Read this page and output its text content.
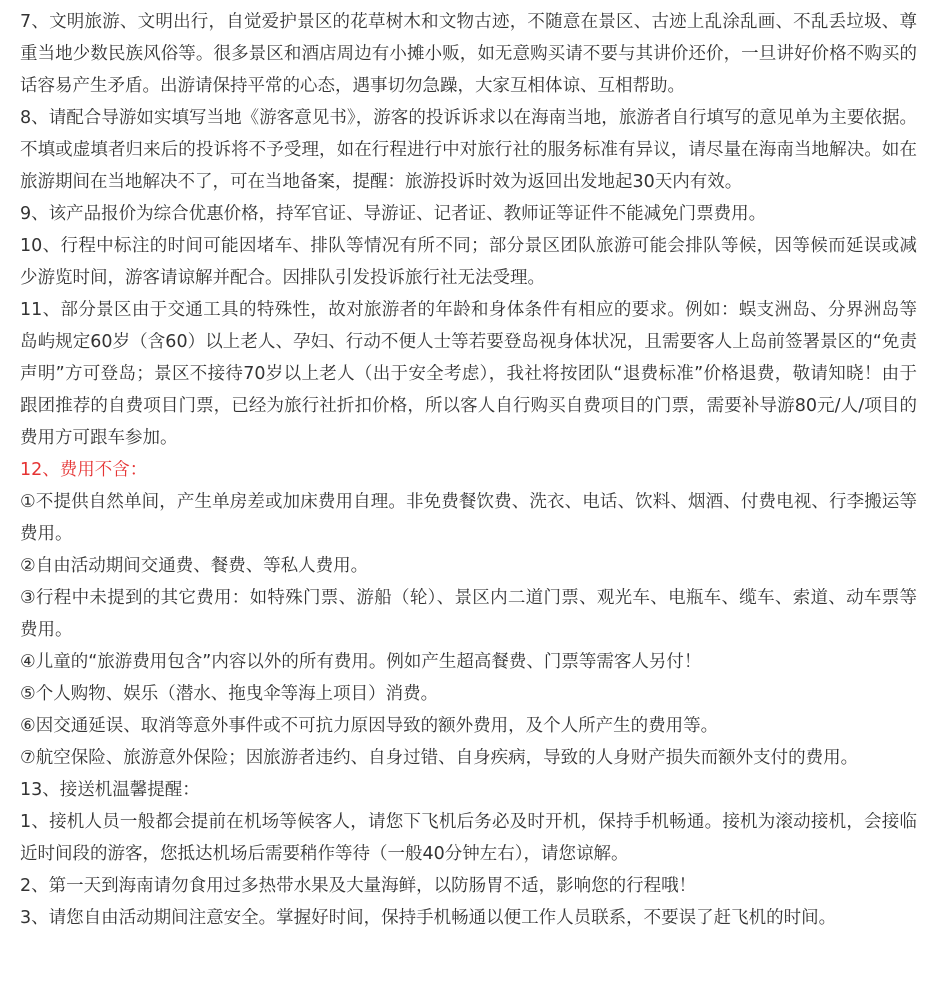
7、文明旅游、文明出行，自觉爱护景区的花草树木和文物古迹，不随意在景区、古迹上乱涂乱画、不乱丢垃圾、尊重当地少数民族风俗等。很多景区和酒店周边有小摊小贩，如无意购买请不要与其讲价还价，一旦讲好价格不购买的话容易产生矛盾。出游请保持平常的心态，遇事切勿急躁，大家互相体谅、互相帮助。

8、请配合导游如实填写当地《游客意见书》，游客的投诉诉求以在海南当地，旅游者自行填写的意见单为主要依据。不填或虚填者归来后的投诉将不予受理，如在行程进行中对旅行社的服务标准有异议，请尽量在海南当地解决。如在旅游期间在当地解决不了，可在当地备案，提醒：旅游投诉时效为返回出发地起30天内有效。

9、该产品报价为综合优惠价格，持军官证、导游证、记者证、教师证等证件不能减免门票费用。

10、行程中标注的时间可能因堵车、排队等情况有所不同；部分景区团队旅游可能会排队等候，因等候而延误或减少游览时间，游客请谅解并配合。因排队引发投诉旅行社无法受理。

11、部分景区由于交通工具的特殊性，故对旅游者的年龄和身体条件有相应的要求。例如：蜈支洲岛、分界洲岛等岛屿规定60岁（含60）以上老人、孕妇、行动不便人士等若要登岛视身体状况，且需要客人上岛前签署景区的“免责声明”方可登岛；景区不接待70岁以上老人（出于安全考虑），我社将按团队“退费标准”价格退费，敬请知晓！由于跟团推荐的自费项目门票，已经为旅行社折扣价格，所以客人自行购买自费项目的门票，需要补导游80元/人/项目的费用方可跟车参加。

12、费用不含：

①不提供自然单间，产生单房差或加床费用自理。非免费餐饮费、洗衣、电话、饮料、烟酒、付费电视、行李搬运等费用。

②自由活动期间交通费、餐费、等私人费用。

③行程中未提到的其它费用：如特殊门票、游船（轮）、景区内二道门票、观光车、电瓶车、缆车、索道、动车票等费用。

④儿童的“旅游费用包含”内容以外的所有费用。例如产生超高餐费、门票等需客人另付！

⑤个人购物、娱乐（潜水、拖曳伞等海上项目）消费。

⑥因交通延误、取消等意外事件或不可抗力原因导致的额外费用，及个人所产生的费用等。

⑦航空保险、旅游意外保险；因旅游者违约、自身过错、自身疾病，导致的人身财产损失而额外支付的费用。

13、接送机温馨提醒：

1、接机人员一般都会提前在机场等候客人，请您下飞机后务必及时开机，保持手机畅通。接机为滚动接机，会接临近时间段的游客，您抵达机场后需要稍作等待（一般40分钟左右），请您谅解。

2、第一天到海南请勿食用过多热带水果及大量海鲜，以防肠胃不适，影响您的行程哦！

3、请您自由活动期间注意安全。掌握好时间，保持手机畅通以便工作人员联系，不要误了赶飞机的时间。
